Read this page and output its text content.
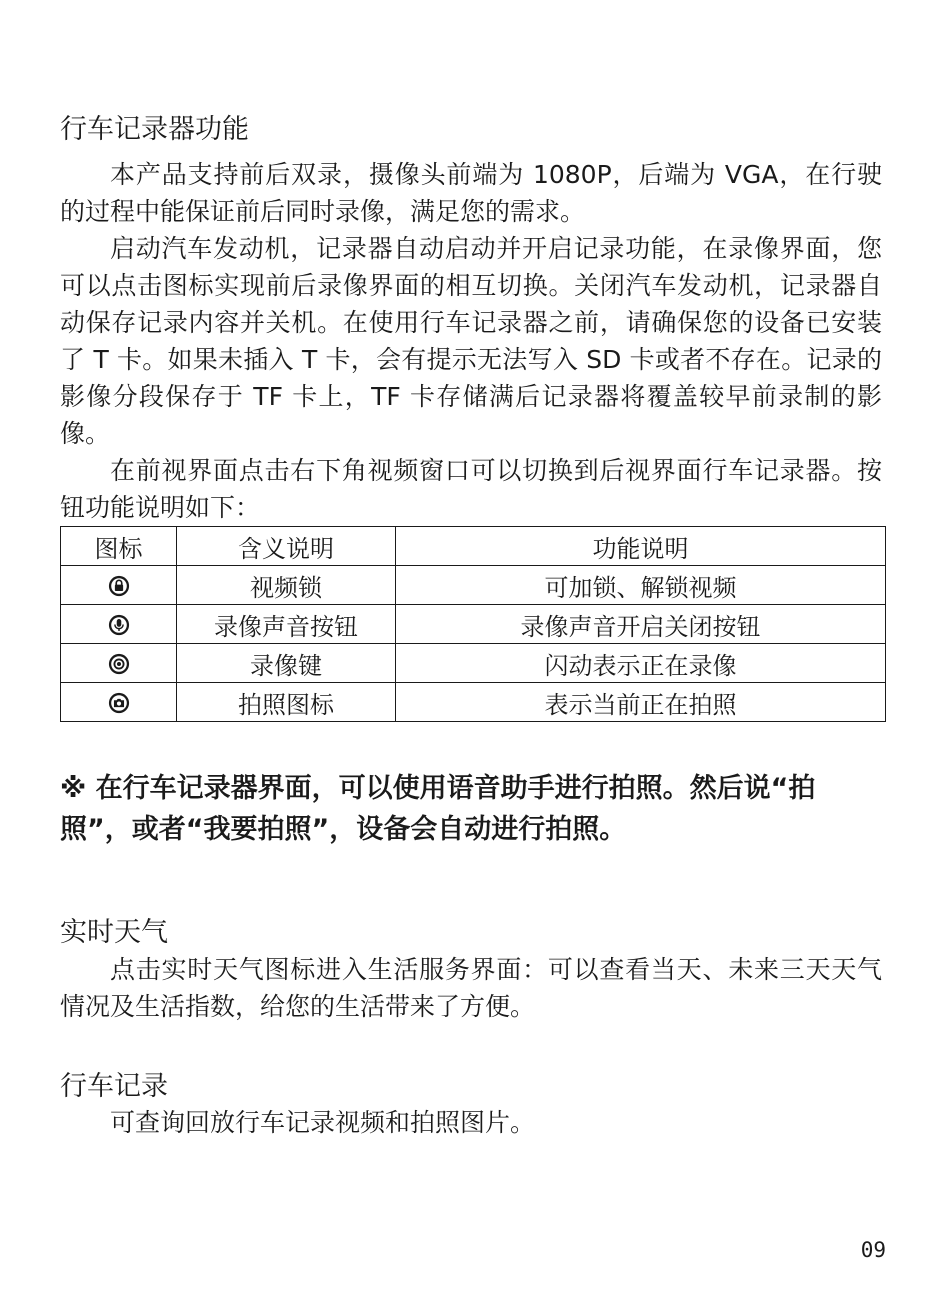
行车记录器功能

本产品支持前后双录，摄像头前端为 1080P，后端为 VGA，在行驶的过程中能保证前后同时录像，满足您的需求。

启动汽车发动机，记录器自动启动并开启记录功能，在录像界面，您可以点击图标实现前后录像界面的相互切换。关闭汽车发动机，记录器自动保存记录内容并关机。在使用行车记录器之前，请确保您的设备已安装了 T 卡。如果未插入 T 卡，会有提示无法写入 SD 卡或者不存在。记录的影像分段保存于 TF 卡上，TF 卡存储满后记录器将覆盖较早前录制的影像。

在前视界面点击右下角视频窗口可以切换到后视界面行车记录器。按钮功能说明如下：

图标	含义说明	功能说明
	视频锁	可加锁、解锁视频
	录像声音按钮	录像声音开启关闭按钮
	录像键	闪动表示正在录像
	拍照图标	表示当前正在拍照

※ 在行车记录器界面，可以使用语音助手进行拍照。然后说“拍照”，或者“我要拍照”，设备会自动进行拍照。

实时天气

点击实时天气图标进入生活服务界面：可以查看当天、未来三天天气情况及生活指数，给您的生活带来了方便。

行车记录

可查询回放行车记录视频和拍照图片。

09
